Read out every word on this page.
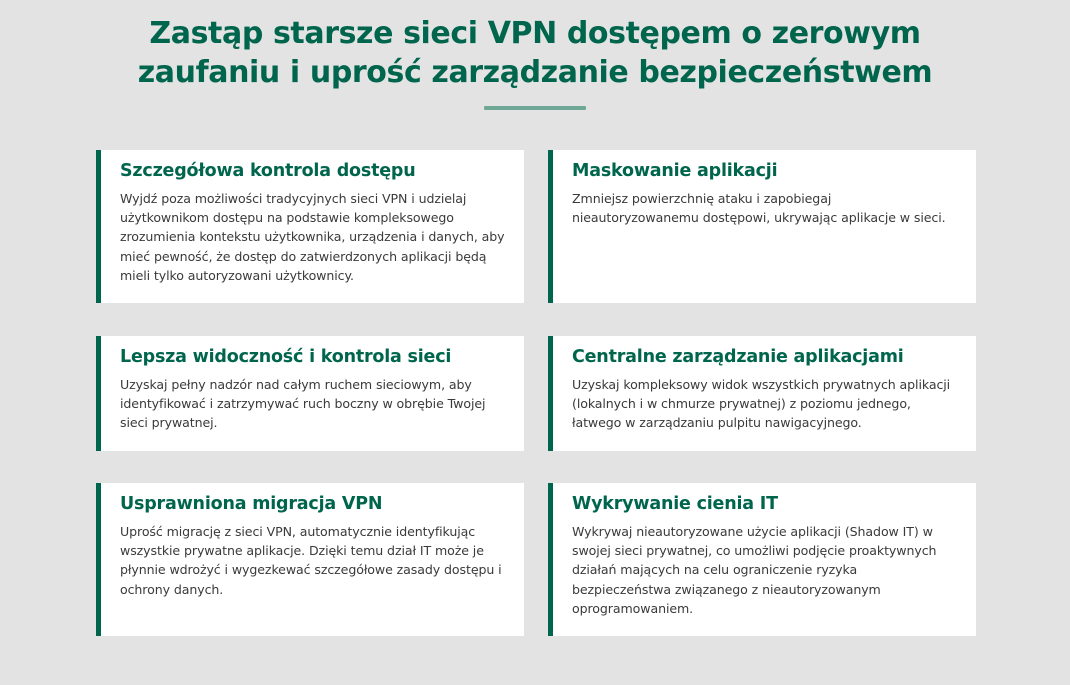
Zastąp starsze sieci VPN dostępem o zerowym
zaufaniu i uprość zarządzanie bezpieczeństwem
Szczegółowa kontrola dostępu

Wyjdź poza możliwości tradycyjnych sieci VPN i udzielaj użytkownikom dostępu na podstawie kompleksowego zrozumienia kontekstu użytkownika, urządzenia i danych, aby mieć pewność, że dostęp do zatwierdzonych aplikacji będą mieli tylko autoryzowani użytkownicy.

Maskowanie aplikacji

Zmniejsz powierzchnię ataku i zapobiegaj nieautoryzowanemu dostępowi, ukrywając aplikacje w sieci.

Lepsza widoczność i kontrola sieci

Uzyskaj pełny nadzór nad całym ruchem sieciowym, aby identyfikować i zatrzymywać ruch boczny w obrębie Twojej sieci prywatnej.

Centralne zarządzanie aplikacjami

Uzyskaj kompleksowy widok wszystkich prywatnych aplikacji (lokalnych i w chmurze prywatnej) z poziomu jednego, łatwego w zarządzaniu pulpitu nawigacyjnego.

Usprawniona migracja VPN

Uprość migrację z sieci VPN, automatycznie identyfikując wszystkie prywatne aplikacje. Dzięki temu dział IT może je płynnie wdrożyć i wygezkewać szczegółowe zasady dostępu i ochrony danych.

Wykrywanie cienia IT

Wykrywaj nieautoryzowane użycie aplikacji (Shadow IT) w swojej sieci prywatnej, co umożliwi podjęcie proaktywnych działań mających na celu ograniczenie ryzyka bezpieczeństwa związanego z nieautoryzowanym oprogramowaniem.
